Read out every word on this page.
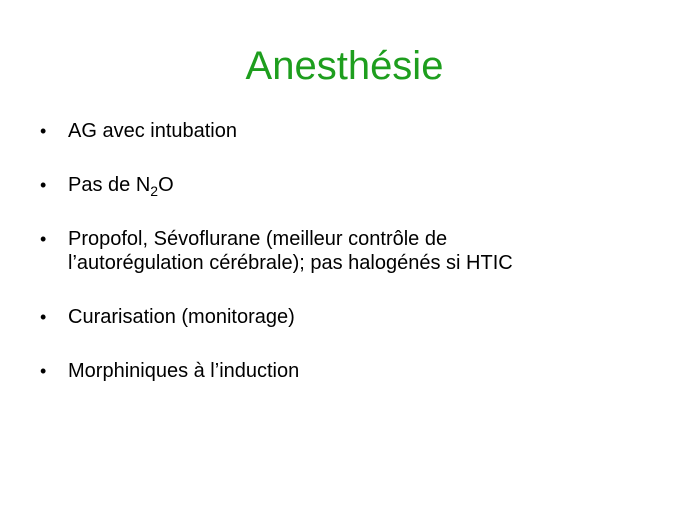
Anesthésie
•	AG avec intubation
•	Pas de $N_2O$
•	Propofol, Sévoflurane (meilleur contrôle de
l’autorégulation cérébrale); pas halogénés si HTIC
•	Curarisation (monitorage)
•	Morphiniques à l’induction
